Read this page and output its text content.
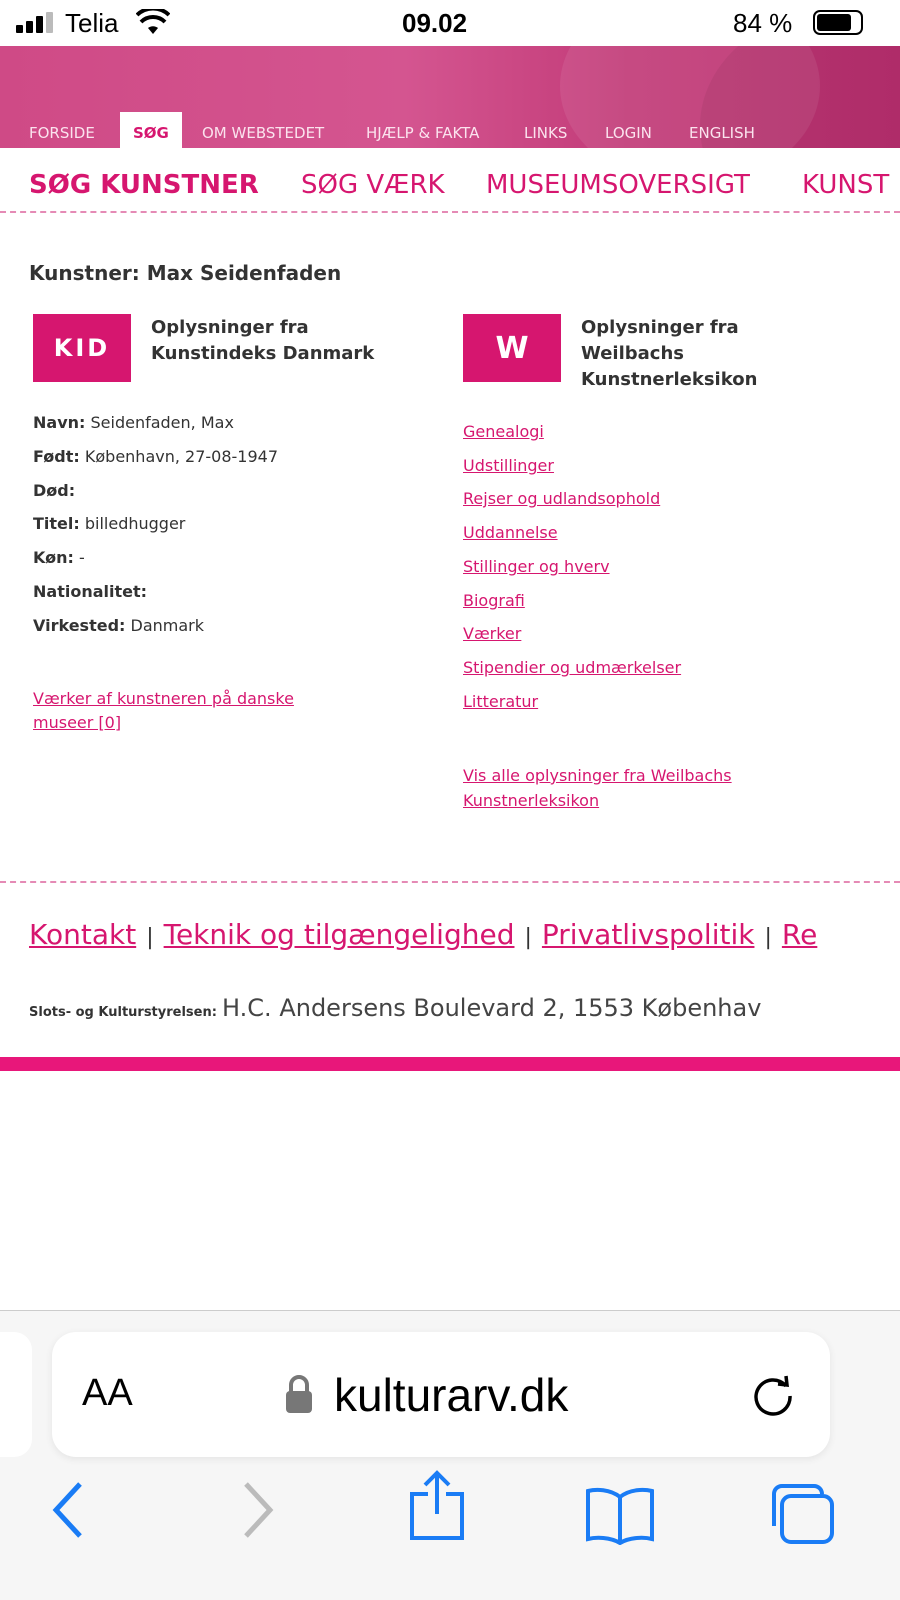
Telia	09.02	84 %
FORSIDE	SØG	OM WEBSTEDET	HJÆLP & FAKTA	LINKS	LOGIN ENGLISH
SØG KUNSTNER SØG VÆRK MUSEUMSOVERSIGT KUNST
Kunstner: Max Seidenfaden
KID
Oplysninger fra
Kunstindeks Danmark	W
Oplysninger fra
Weilbachs
Kunstnerleksikon
Navn: Seidenfaden, Max
Født: København, 27-08-1947
Død:
Titel: billedhugger
Køn: -
Nationalitet:
Virkested: Danmark
Værker af kunstneren på danske
museer [0]
Genealogi
Udstillinger
Rejser og udlandsophold
Uddannelse
Stillinger og hverv
Biografi
Værker
Stipendier og udmærkelser
Litteratur
Vis alle oplysninger fra Weilbachs
Kunstnerleksikon
Kontakt | Teknik og tilgængelighed | Privatlivspolitik | Re
Slots- og Kulturstyrelsen: H.C. Andersens Boulevard 2, 1553 Københav
AA	kulturarv.dk
